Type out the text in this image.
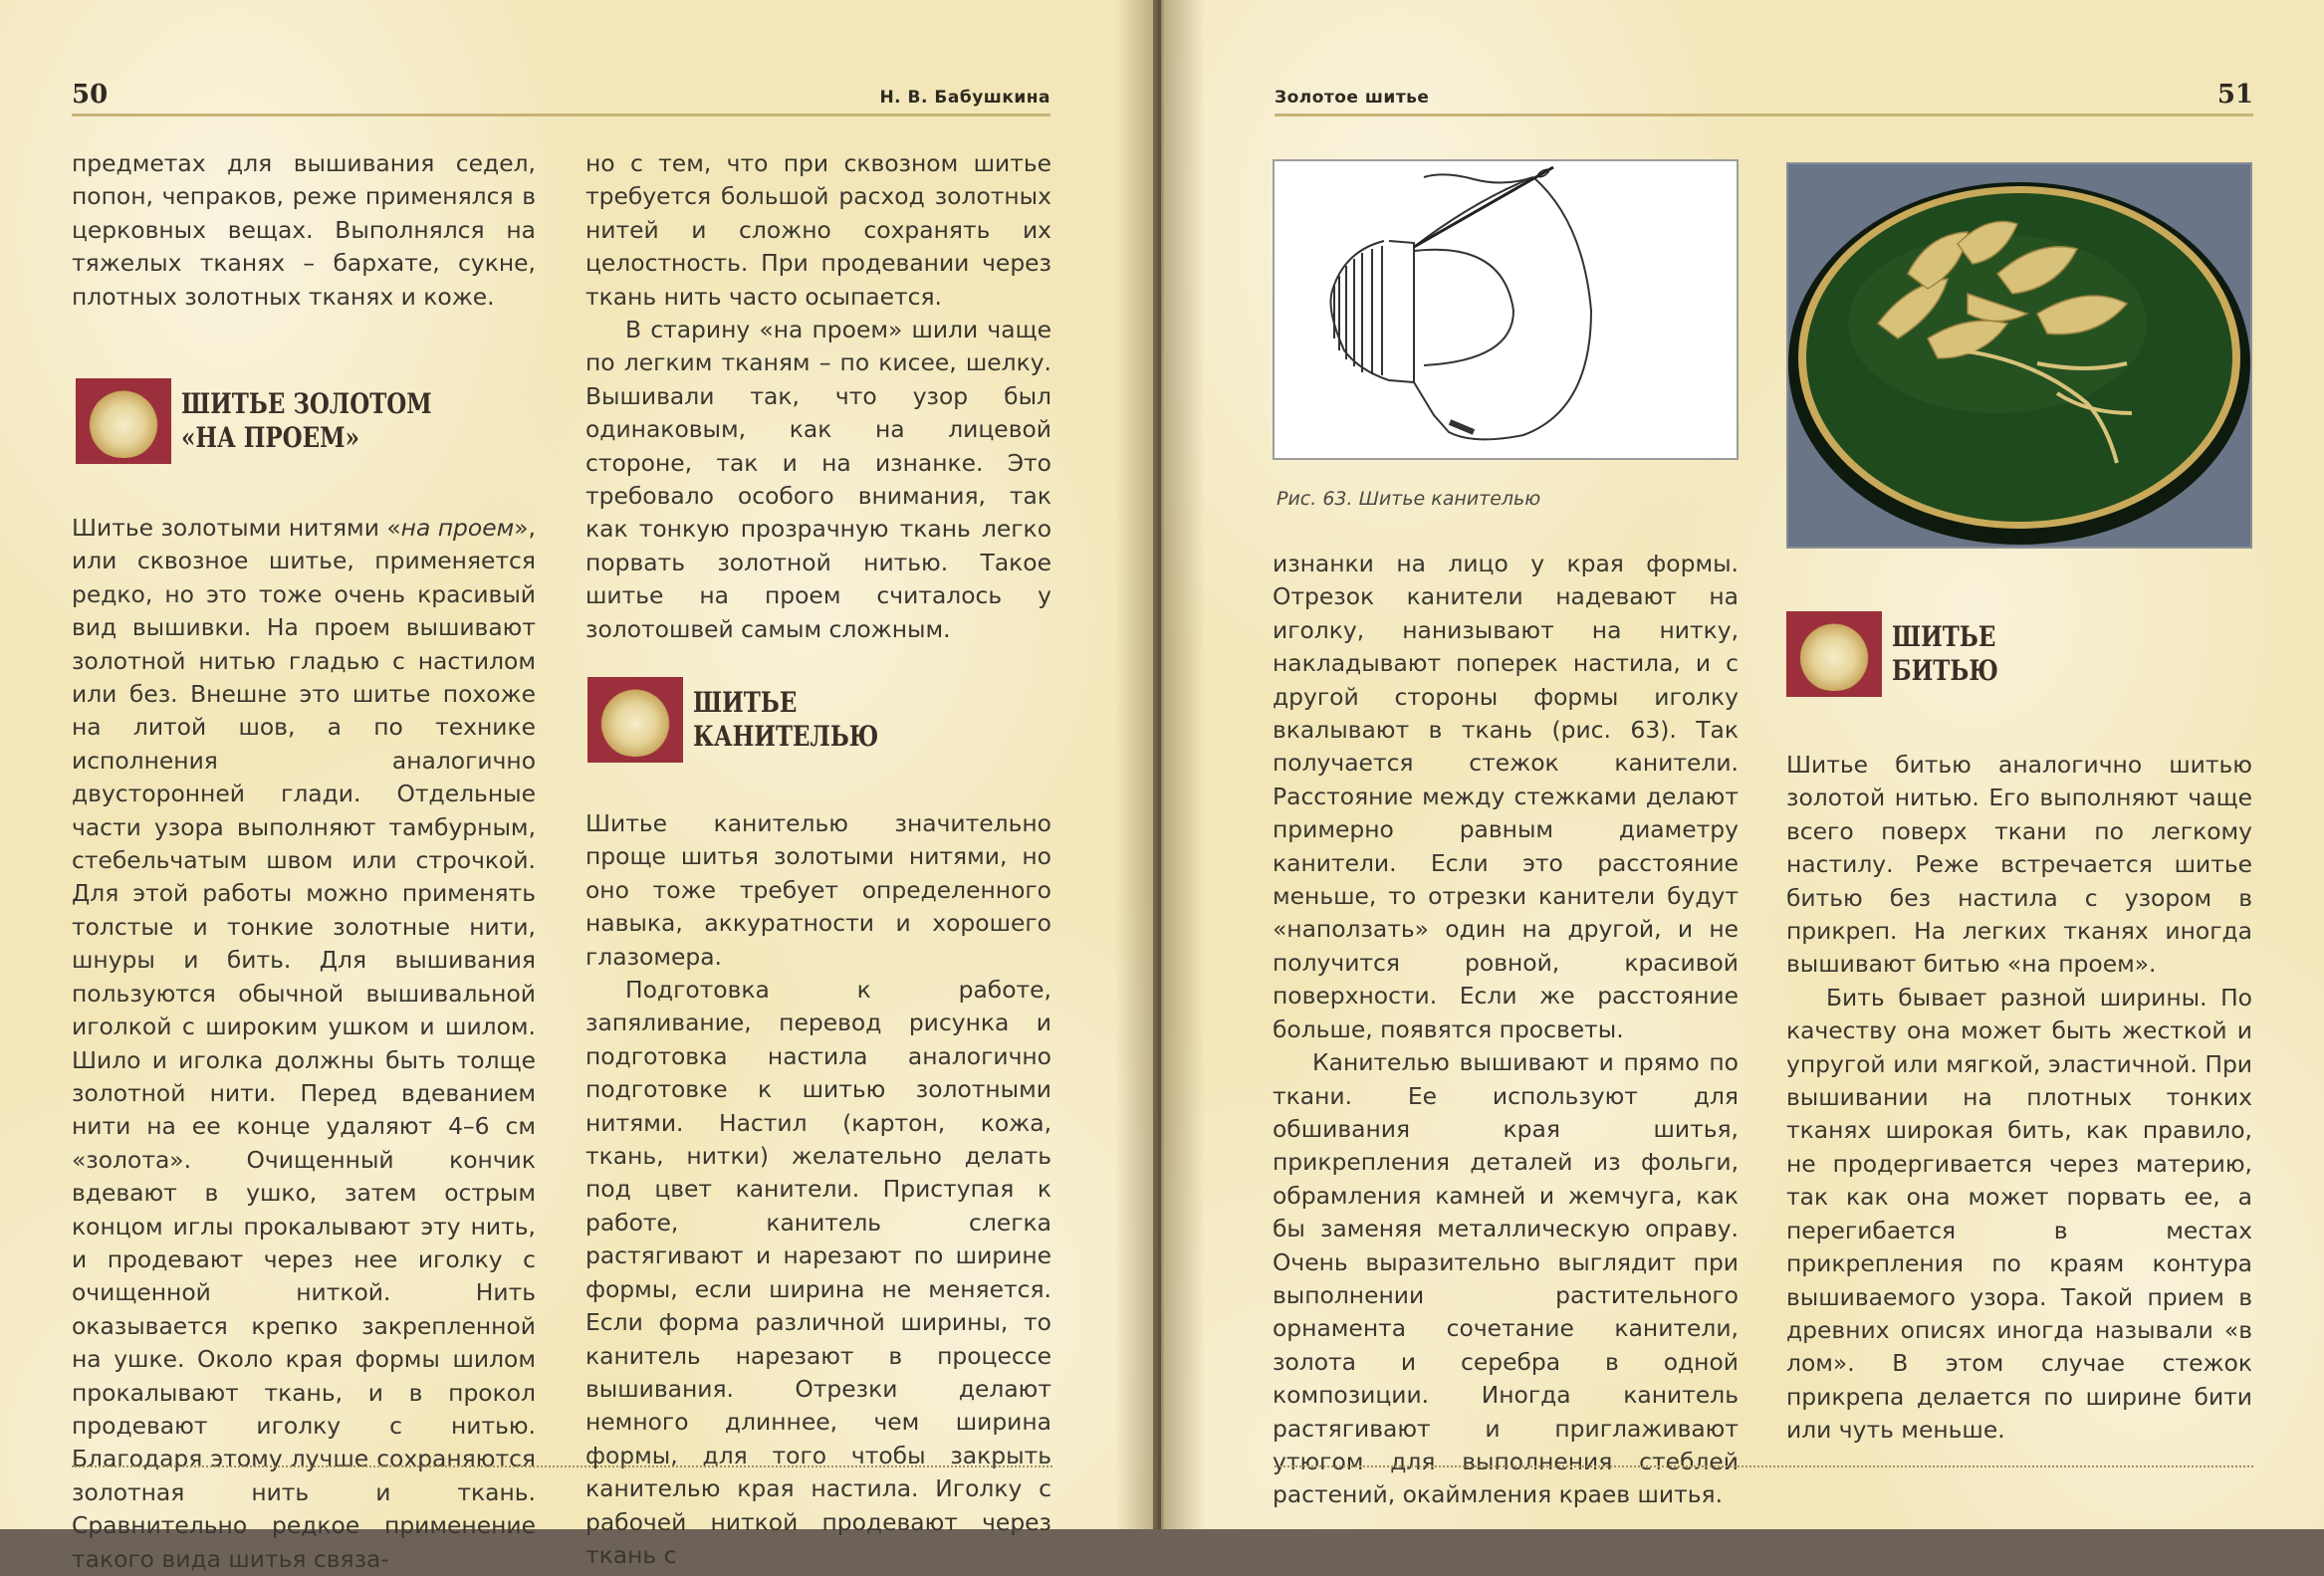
50	Н. В. Бабушкина

предметах для вышивания седел, попон, чепраков, реже применялся в церковных вещах. Выполнялся на тяжелых тканях – бархате, сукне, плотных золотных тканях и коже.

ШИТЬЕ ЗОЛОТОМ
«НА ПРОЕМ»

Шитье золотыми нитями «на проем», или сквозное шитье, применяется редко, но это тоже очень красивый вид вышивки. На проем вышивают золотной нитью гладью с настилом или без. Внешне это шитье похоже на литой шов, а по технике исполнения аналогично двусторонней глади. Отдельные части узора выполняют тамбурным, стебельчатым швом или строчкой. Для этой работы можно применять толстые и тонкие золотные нити, шнуры и бить. Для вышивания пользуются обычной вышивальной иголкой с широким ушком и шилом. Шило и иголка должны быть толще золотной нити. Перед вдеванием нити на ее конце удаляют 4–6 см «золота». Очищенный кончик вдевают в ушко, затем острым концом иглы прокалывают эту нить, и продевают через нее иголку с очищенной ниткой. Нить оказывается крепко закрепленной на ушке. Около края формы шилом прокалывают ткань, и в прокол продевают иголку с нитью. Благодаря этому лучше сохраняются золотная нить и ткань. Сравнительно редкое применение такого вида шитья связа-

но с тем, что при сквозном шитье требуется большой расход золотных нитей и сложно сохранять их целостность. При продевании через ткань нить часто осыпается.

В старину «на проем» шили чаще по легким тканям – по кисее, шелку. Вышивали так, что узор был одинаковым, как на лицевой стороне, так и на изнанке. Это требовало особого внимания, так как тонкую прозрачную ткань легко порвать золотной нитью. Такое шитье на проем считалось у золотошвей самым сложным.

ШИТЬЕ
КАНИТЕЛЬЮ

Шитье канителью значительно проще шитья золотыми нитями, но оно тоже требует определенного навыка, аккуратности и хорошего глазомера.

Подготовка к работе, запяливание, перевод рисунка и подготовка настила аналогично подготовке к шитью золотными нитями. Настил (картон, кожа, ткань, нитки) желательно делать под цвет канители. Приступая к работе, канитель слегка растягивают и нарезают по ширине формы, если ширина не меняется. Если форма различной ширины, то канитель нарезают в процессе вышивания. Отрезки делают немного длиннее, чем ширина формы, для того чтобы закрыть канителью края настила. Иголку с рабочей ниткой продевают через ткань с

Золотое шитье	51
Рис. 63. Шитье канителью

изнанки на лицо у края формы. Отрезок канители надевают на иголку, нанизывают на нитку, накладывают поперек настила, и с другой стороны формы иголку вкалывают в ткань (рис. 63). Так получается стежок канители. Расстояние между стежками делают примерно равным диаметру канители. Если это расстояние меньше, то отрезки канители будут «наползать» один на другой, и не получится ровной, красивой поверхности. Если же расстояние больше, появятся просветы.

Канителью вышивают и прямо по ткани. Ее используют для обшивания края шитья, прикрепления деталей из фольги, обрамления камней и жемчуга, как бы заменяя металлическую оправу. Очень выразительно выглядит при выполнении растительного орнамента сочетание канители, золота и серебра в одной композиции. Иногда канитель растягивают и приглаживают утюгом для выполнения стеблей растений, окаймления краев шитья.

ШИТЬЕ
БИТЬЮ

Шитье битью аналогично шитью золотой нитью. Его выполняют чаще всего поверх ткани по легкому настилу. Реже встречается шитье битью без настила с узором в прикреп. На легких тканях иногда вышивают битью «на проем».

Бить бывает разной ширины. По качеству она может быть жесткой и упругой или мягкой, эластичной. При вышивании на плотных тонких тканях широкая бить, как правило, не продергивается через материю, так как она может порвать ее, а перегибается в местах прикрепления по краям контура вышиваемого узора. Такой прием в древних описях иногда называли «в лом». В этом случае стежок прикрепа делается по ширине бити или чуть меньше.
